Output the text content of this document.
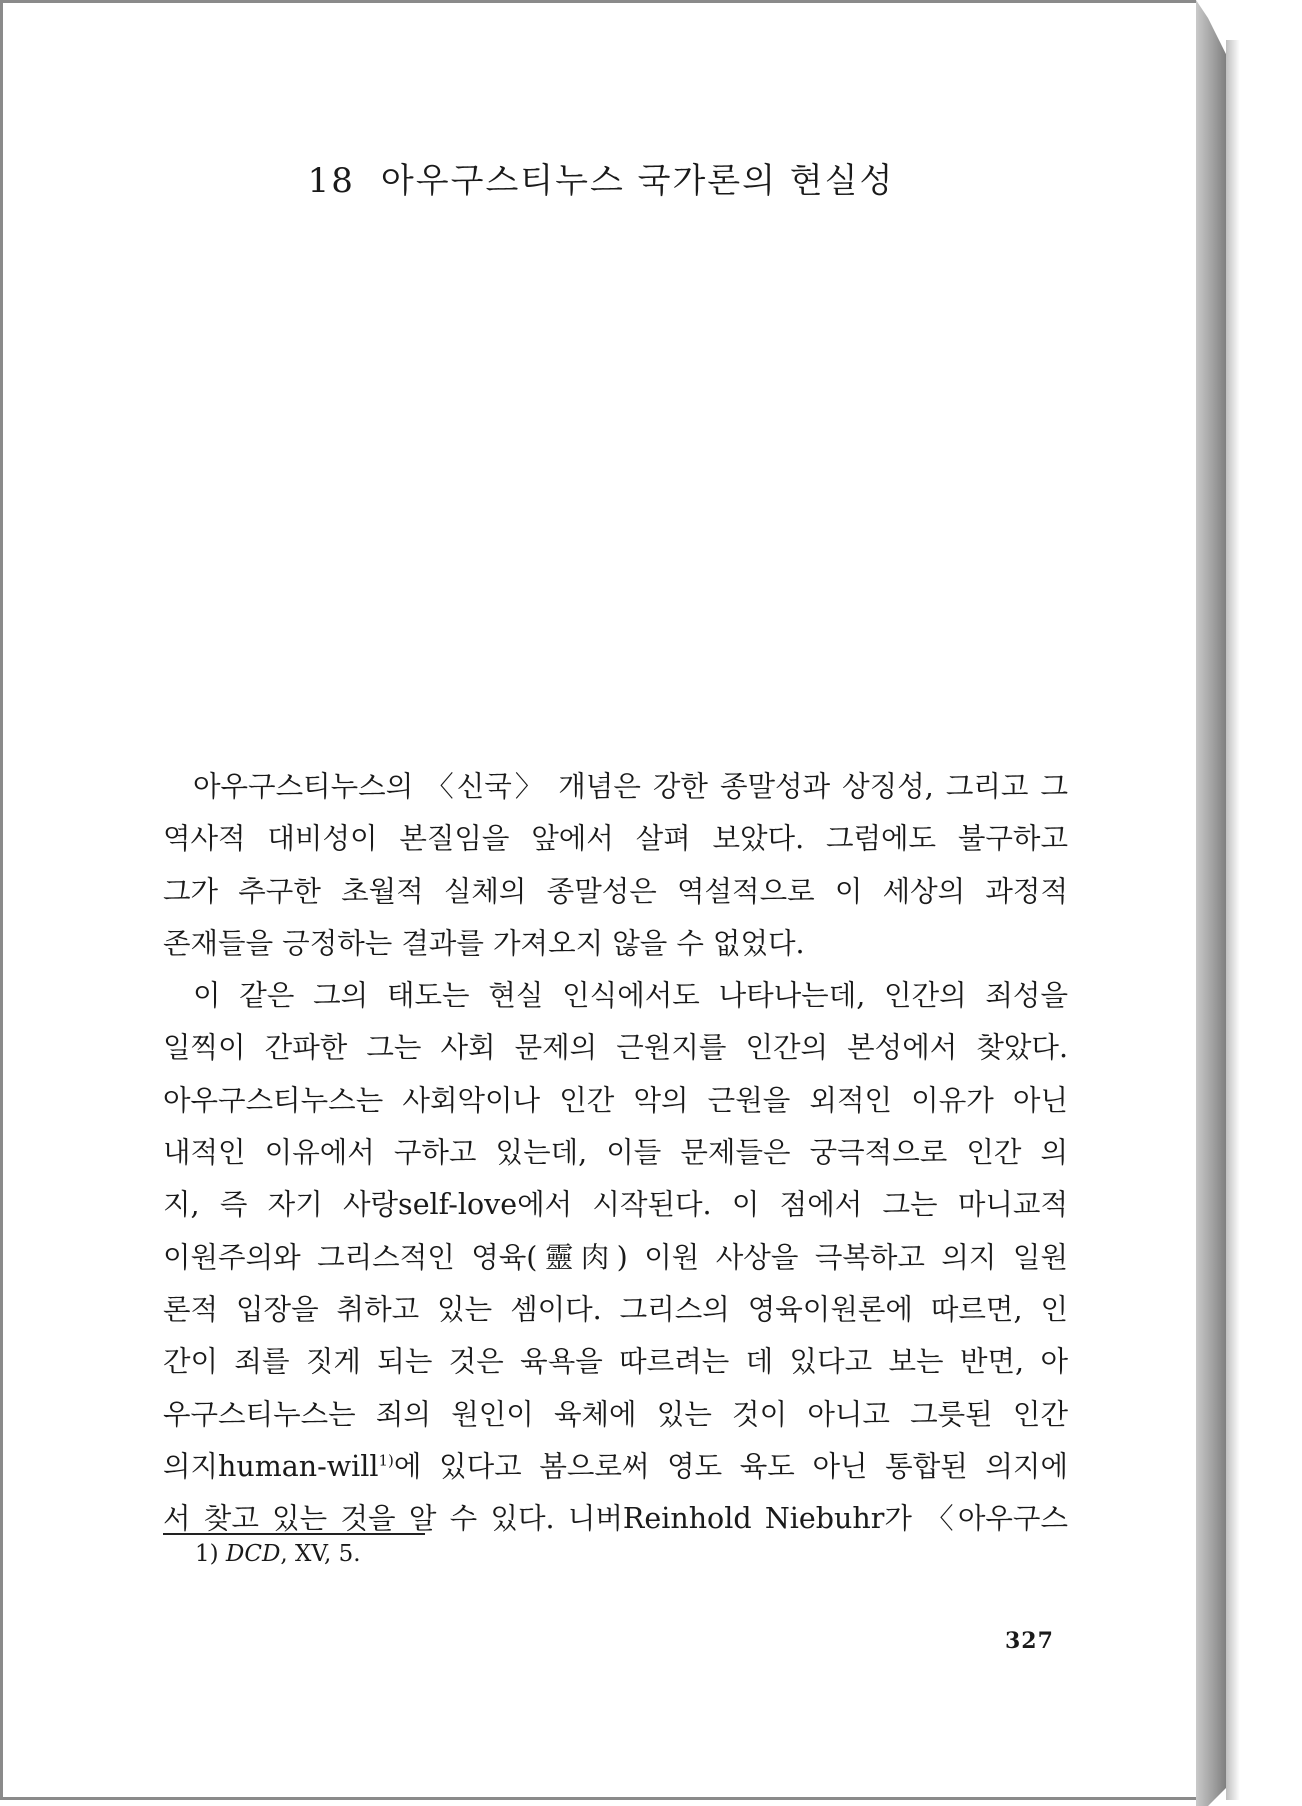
18 아우구스티누스 국가론의 현실성
아우구스티누스의 〈신국〉 개념은 강한 종말성과 상징성, 그리고 그
역사적 대비성이 본질임을 앞에서 살펴 보았다. 그럼에도 불구하고
그가 추구한 초월적 실체의 종말성은 역설적으로 이 세상의 과정적
존재들을 긍정하는 결과를 가져오지 않을 수 없었다.
이 같은 그의 태도는 현실 인식에서도 나타나는데, 인간의 죄성을
일찍이 간파한 그는 사회 문제의 근원지를 인간의 본성에서 찾았다.
아우구스티누스는 사회악이나 인간 악의 근원을 외적인 이유가 아닌
내적인 이유에서 구하고 있는데, 이들 문제들은 궁극적으로 인간 의
지, 즉 자기 사랑self-love에서 시작된다. 이 점에서 그는 마니교적
이원주의와 그리스적인 영육(靈肉) 이원 사상을 극복하고 의지 일원
론적 입장을 취하고 있는 셈이다. 그리스의 영육이원론에 따르면, 인
간이 죄를 짓게 되는 것은 육욕을 따르려는 데 있다고 보는 반면, 아
우구스티누스는 죄의 원인이 육체에 있는 것이 아니고 그릇된 인간
의지human-will$^{1)}$에 있다고 봄으로써 영도 육도 아닌 통합된 의지에
서 찾고 있는 것을 알 수 있다. 니버Reinhold Niebuhr가 〈아우구스
1) DCD, XV, 5.
327
